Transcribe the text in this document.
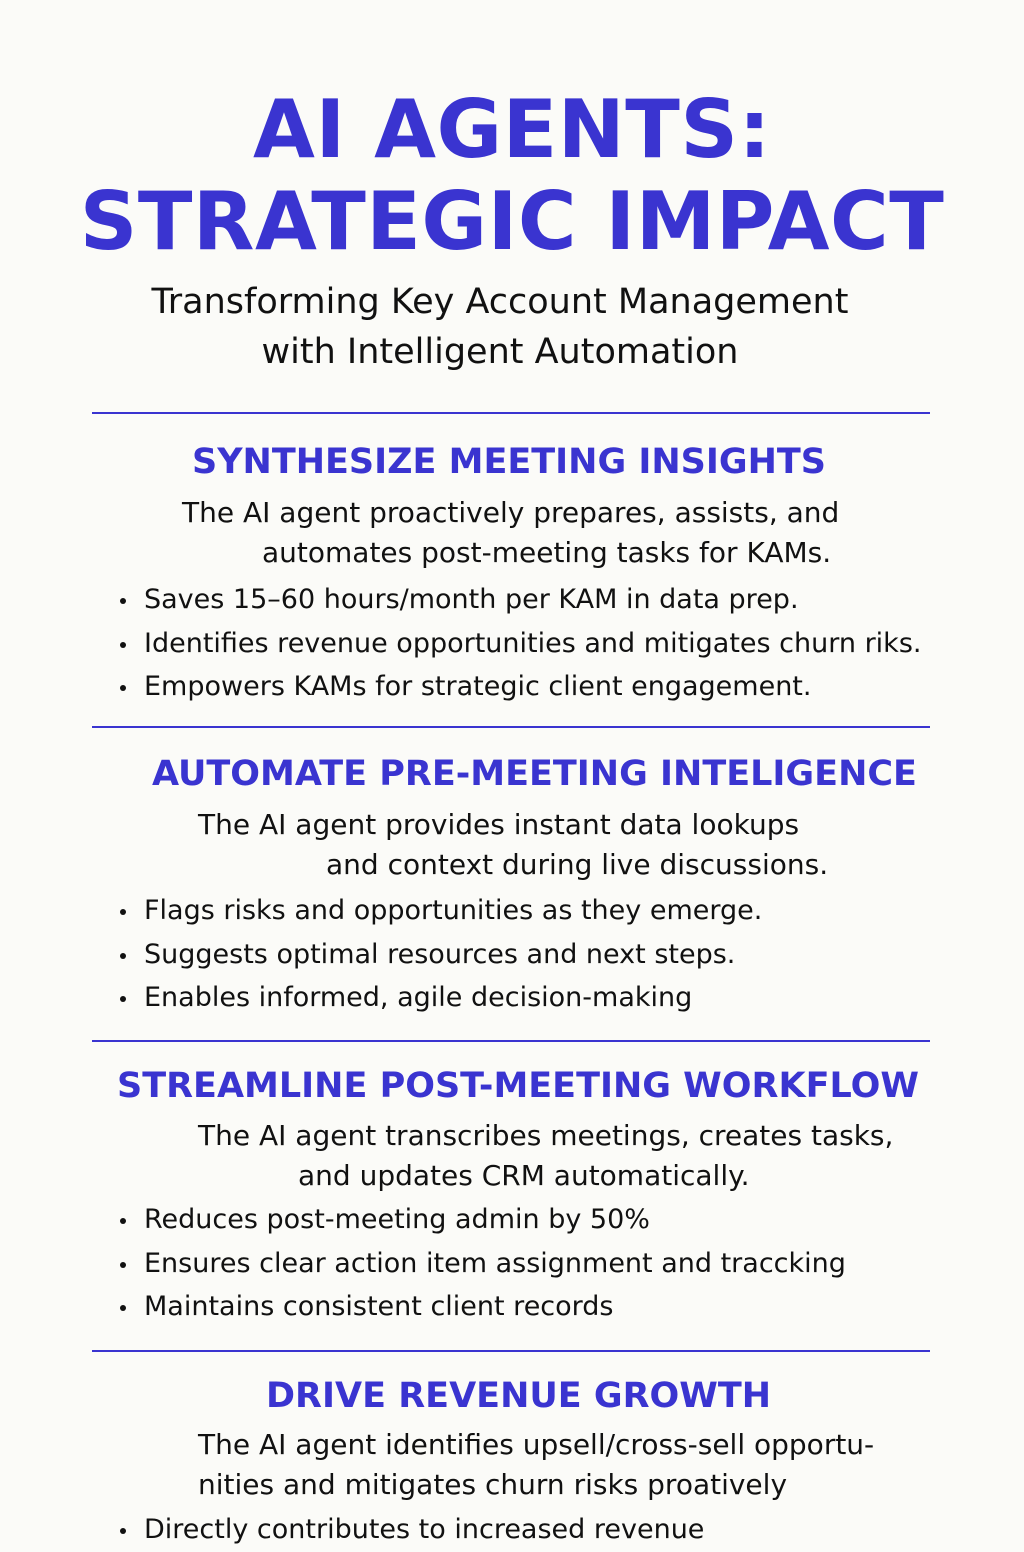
AI AGENTS:
STRATEGIC IMPACT

Transforming Key Account Management
with Intelligent Automation

SYNTHESIZE MEETING INSIGHTS

The AI agent proactively prepares, assists, and
automates post-meeting tasks for KAMs.

Saves 15–60 hours/month per KAM in data prep.
Identifies revenue opportunities and mitigates churn riks.
Empowers KAMs for strategic client engagement.
AUTOMATE PRE-MEETING INTELIGENCE

The AI agent provides instant data lookups
and context during live discussions.

Flags risks and opportunities as they emerge.
Suggests optimal resources and next steps.
Enables informed, agile decision-making
STREAMLINE POST-MEETING WORKFLOW

The AI agent transcribes meetings, creates tasks,
and updates CRM automatically.

Reduces post-meeting admin by 50%
Ensures clear action item assignment and traccking
Maintains consistent client records
DRIVE REVENUE GROWTH

The AI agent identifies upsell/cross-sell opportu-
nities and mitigates churn risks proatively

Directly contributes to increased revenue
